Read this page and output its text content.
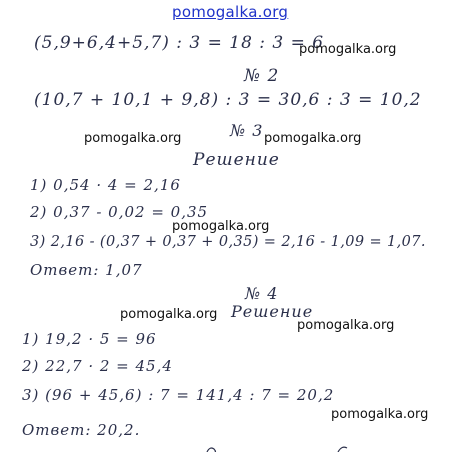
pomogalka.org
(5,9+6,4+5,7) : 3 = 18 : 3 = 6
pomogalka.org
№ 2
(10,7 + 10,1 + 9,8) : 3 = 30,6 : 3 = 10,2
pomogalka.org	№ 3 pomogalka.org
Решение
1) 0,54 · 4 = 2,16
2) 0,37 - 0,02 = 0,35
pomogalka.org
3) 2,16 - (0,37 + 0,37 + 0,35) = 2,16 - 1,09 = 1,07.
Ответ: 1,07
№ 4
pomogalka.org Решение
pomogalka.org
1) 19,2 · 5 = 96
2) 22,7 · 2 = 45,4
3) (96 + 45,6) : 7 = 141,4 : 7 = 20,2
pomogalka.org
Ответ: 20,2.
